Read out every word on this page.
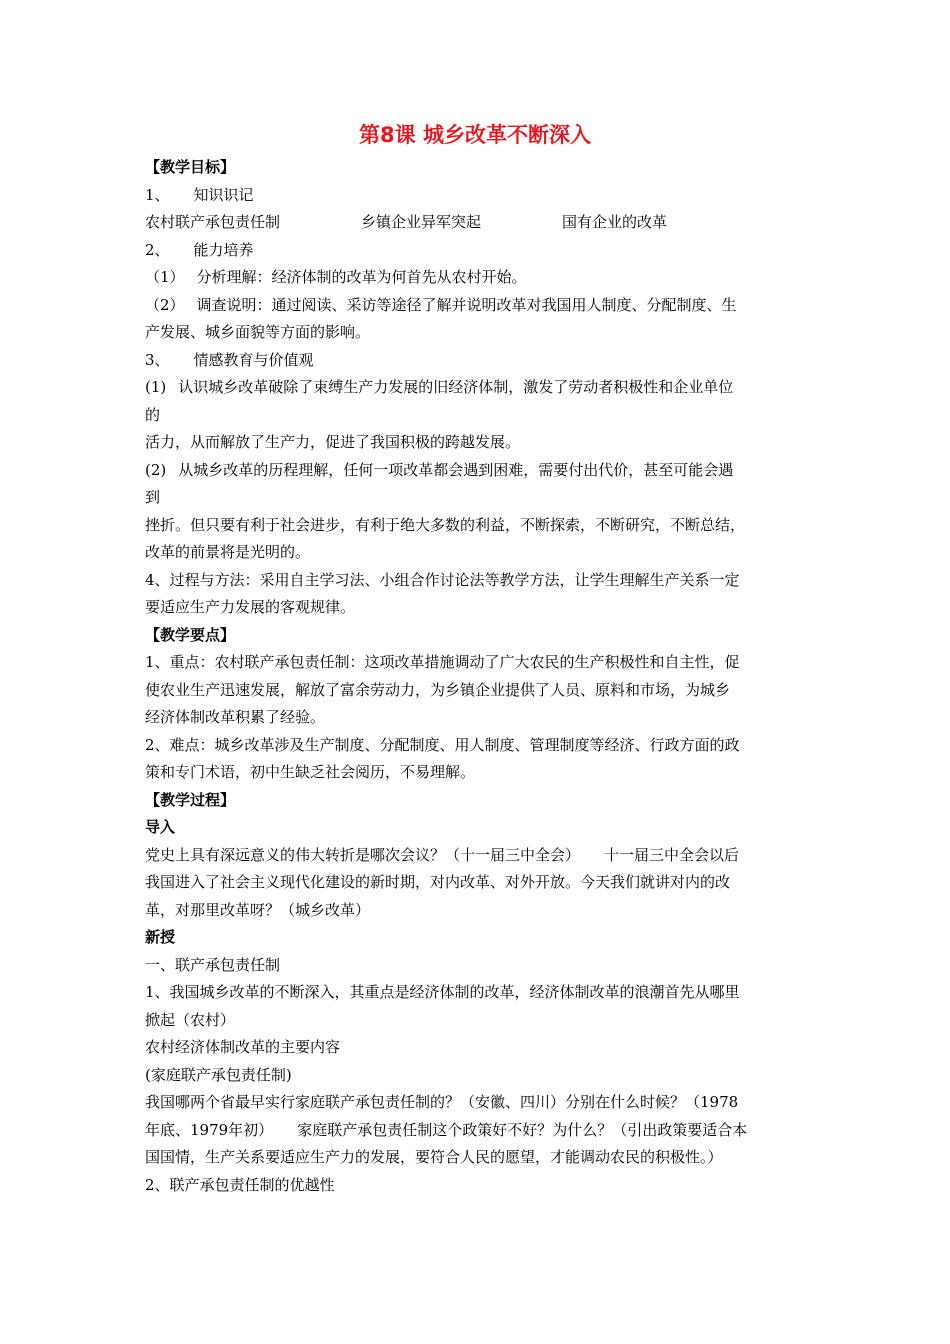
第8课 城乡改革不断深入
【教学目标】
1、 知识识记
农村联产承包责任制	乡镇企业异军突起	国有企业的改革
2、 能力培养
（1） 分析理解：经济体制的改革为何首先从农村开始。
（2） 调查说明：通过阅读、采访等途径了解并说明改革对我国用人制度、分配制度、生
产发展、城乡面貌等方面的影响。
3、 情感教育与价值观
(1) 认识城乡改革破除了束缚生产力发展的旧经济体制，激发了劳动者积极性和企业单位
的
活力，从而解放了生产力，促进了我国积极的跨越发展。
(2) 从城乡改革的历程理解，任何一项改革都会遇到困难，需要付出代价，甚至可能会遇
到
挫折。但只要有利于社会进步，有利于绝大多数的利益，不断探索，不断研究，不断总结，
改革的前景将是光明的。
4、过程与方法：采用自主学习法、小组合作讨论法等教学方法，让学生理解生产关系一定
要适应生产力发展的客观规律。
【教学要点】
1、重点：农村联产承包责任制：这项改革措施调动了广大农民的生产积极性和自主性，促
使农业生产迅速发展，解放了富余劳动力，为乡镇企业提供了人员、原料和市场，为城乡
经济体制改革积累了经验。
2、难点：城乡改革涉及生产制度、分配制度、用人制度、管理制度等经济、行政方面的政
策和专门术语，初中生缺乏社会阅历，不易理解。
【教学过程】
导入
党史上具有深远意义的伟大转折是哪次会议？（十一届三中全会） 十一届三中全会以后
我国进入了社会主义现代化建设的新时期，对内改革、对外开放。今天我们就讲对内的改
革，对那里改革呀？（城乡改革）
新授
一、联产承包责任制
1、我国城乡改革的不断深入，其重点是经济体制的改革，经济体制改革的浪潮首先从哪里
掀起（农村）
农村经济体制改革的主要内容
(家庭联产承包责任制)
我国哪两个省最早实行家庭联产承包责任制的？（安徽、四川）分别在什么时候？（1978
年底、1979年初） 家庭联产承包责任制这个政策好不好？为什么？（引出政策要适合本
国国情，生产关系要适应生产力的发展，要符合人民的愿望，才能调动农民的积极性。）
2、联产承包责任制的优越性
